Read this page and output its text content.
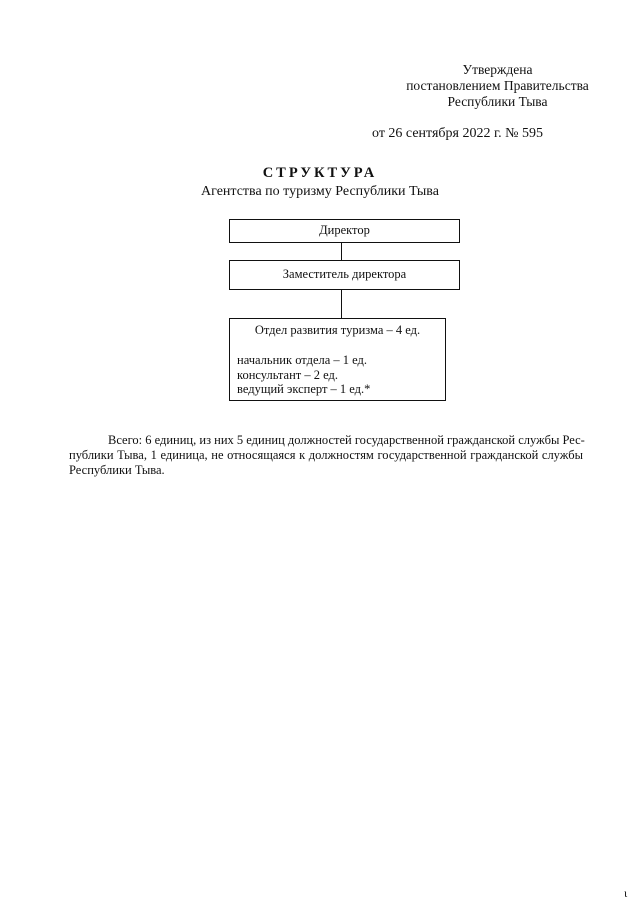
Утверждена
постановлением Правительства
Республики Тыва
от 26 сентября 2022 г. № 595
СТРУКТУРА
Агентства по туризму Республики Тыва
Директор
Заместитель директора
Отдел развития туризма – 4 ед.
начальник отдела – 1 ед.
консультант – 2 ед.
ведущий эксперт – 1 ед.*
Всего: 6 единиц, из них 5 единиц должностей государственной гражданской службы Рес-
публики Тыва, 1 единица, не относящаяся к должностям государственной гражданской службы
Республики Тыва.
ι
